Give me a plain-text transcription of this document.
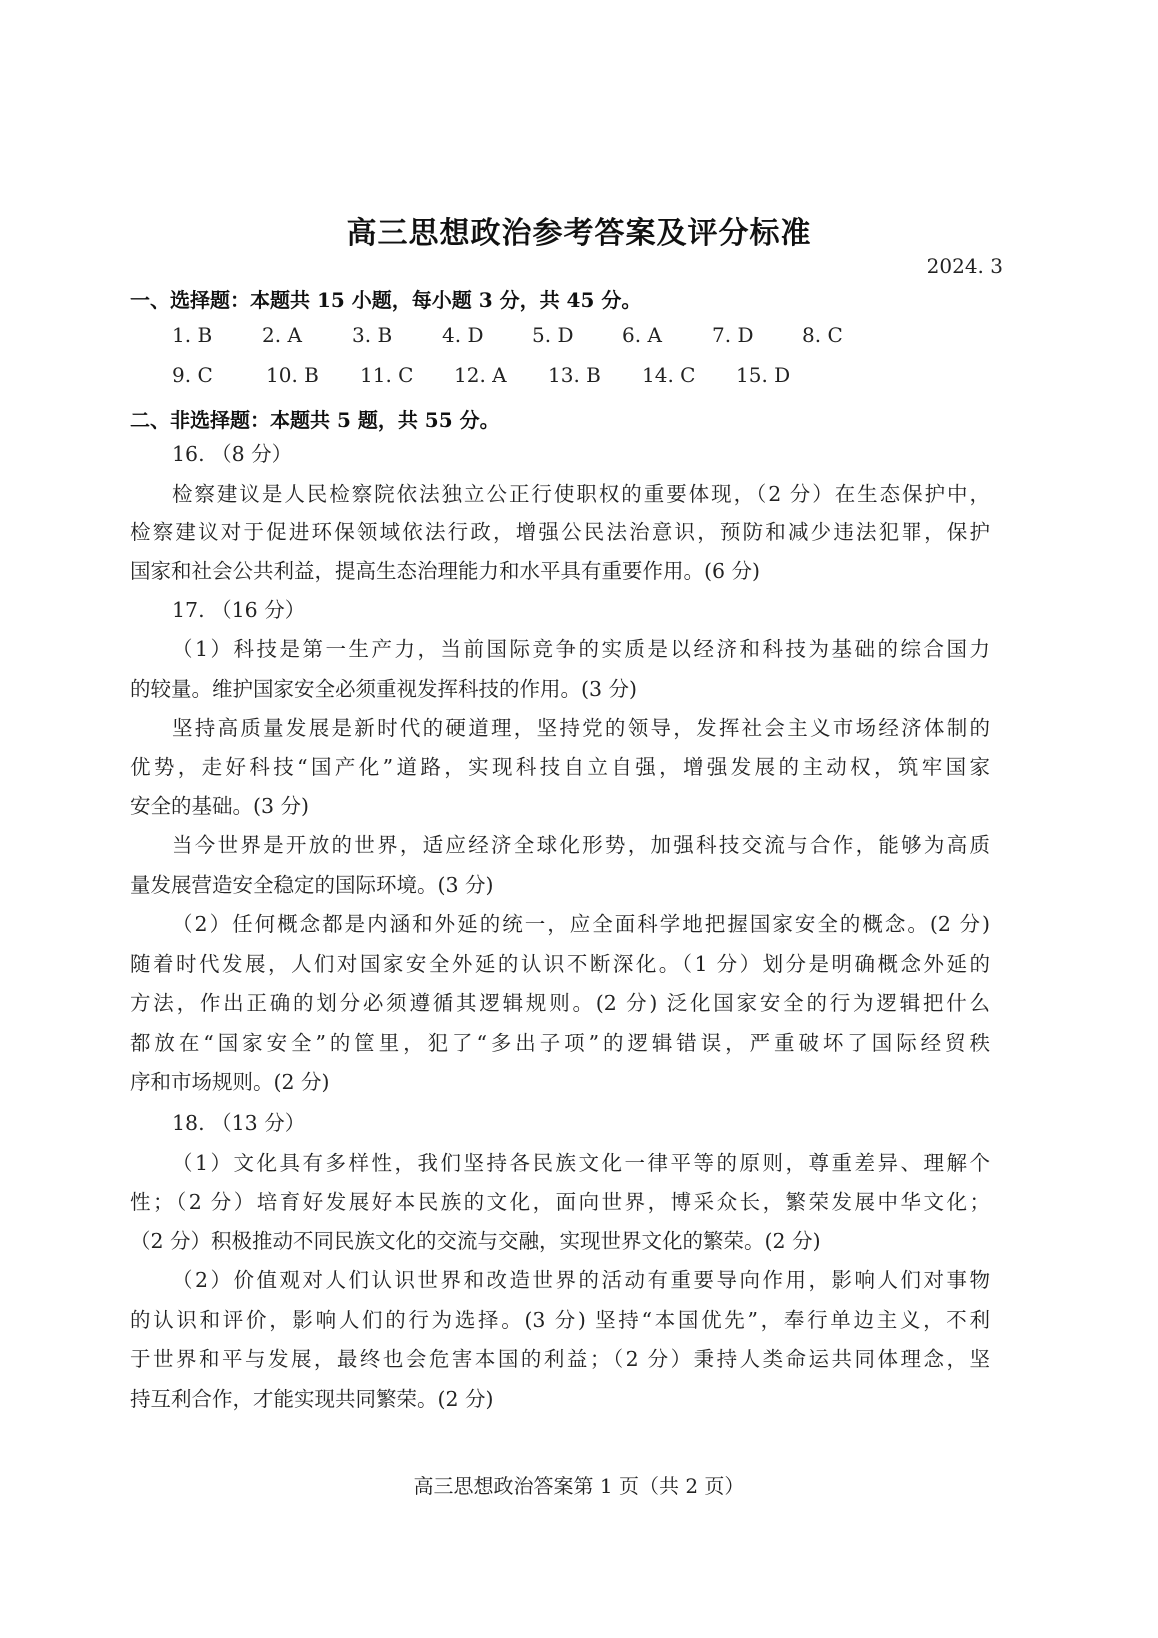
高三思想政治参考答案及评分标准
2024. 3
一、选择题：本题共 15 小题，每小题 3 分，共 45 分。
1. B	2. A	3. B	4. D	5. D	6. A	7. D	8. C
9. C	10. B	11. C	12. A	13. B	14. C	15. D
二、非选择题：本题共 5 题，共 55 分。
16. （8 分）
检察建议是人民检察院依法独立公正行使职权的重要体现，（2 分）在生态保护中，
检察建议对于促进环保领域依法行政，增强公民法治意识，预防和减少违法犯罪，保护
国家和社会公共利益，提高生态治理能力和水平具有重要作用。(6 分)
17. （16 分）
（1）科技是第一生产力，当前国际竞争的实质是以经济和科技为基础的综合国力
的较量。维护国家安全必须重视发挥科技的作用。(3 分)
坚持高质量发展是新时代的硬道理，坚持党的领导，发挥社会主义市场经济体制的
优势，走好科技“国产化”道路，实现科技自立自强，增强发展的主动权，筑牢国家
安全的基础。(3 分)
当今世界是开放的世界，适应经济全球化形势，加强科技交流与合作，能够为高质
量发展营造安全稳定的国际环境。(3 分)
（2）任何概念都是内涵和外延的统一，应全面科学地把握国家安全的概念。(2 分)
随着时代发展，人们对国家安全外延的认识不断深化。（1 分）划分是明确概念外延的
方法，作出正确的划分必须遵循其逻辑规则。(2 分) 泛化国家安全的行为逻辑把什么
都放在“国家安全”的筐里，犯了“多出子项”的逻辑错误，严重破坏了国际经贸秩
序和市场规则。(2 分)
18. （13 分）
（1）文化具有多样性，我们坚持各民族文化一律平等的原则，尊重差异、理解个
性；（2 分）培育好发展好本民族的文化，面向世界，博采众长，繁荣发展中华文化；
（2 分）积极推动不同民族文化的交流与交融，实现世界文化的繁荣。(2 分)
（2）价值观对人们认识世界和改造世界的活动有重要导向作用，影响人们对事物
的认识和评价，影响人们的行为选择。(3 分) 坚持“本国优先”，奉行单边主义，不利
于世界和平与发展，最终也会危害本国的利益；（2 分）秉持人类命运共同体理念，坚
持互利合作，才能实现共同繁荣。(2 分)
高三思想政治答案第 1 页（共 2 页）
